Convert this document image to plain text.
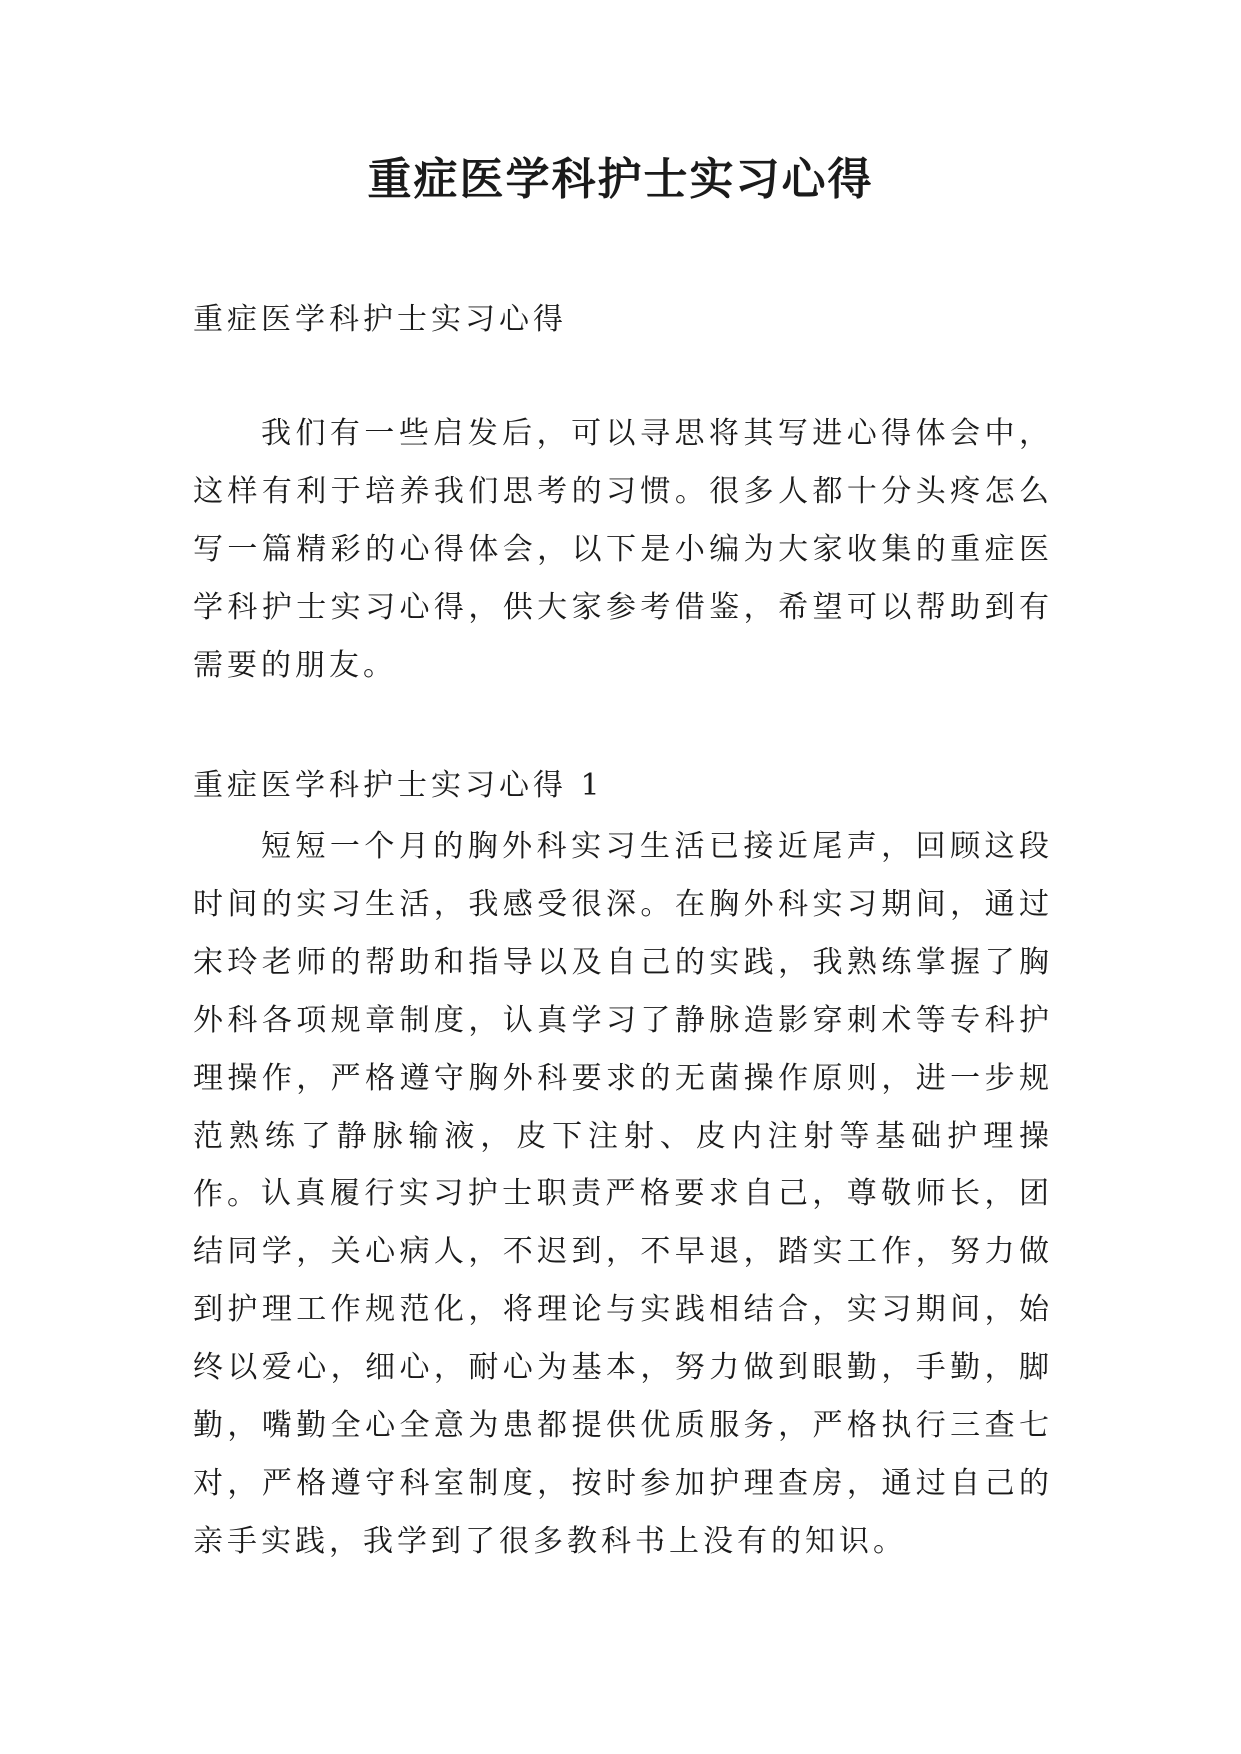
重症医学科护士实习心得

重症医学科护士实习心得

我们有一些启发后，可以寻思将其写进心得体会中，这样有利于培养我们思考的习惯。很多人都十分头疼怎么写一篇精彩的心得体会，以下是小编为大家收集的重症医学科护士实习心得，供大家参考借鉴，希望可以帮助到有需要的朋友。

重症医学科护士实习心得 1

短短一个月的胸外科实习生活已接近尾声，回顾这段时间的实习生活，我感受很深。在胸外科实习期间，通过宋玲老师的帮助和指导以及自己的实践，我熟练掌握了胸外科各项规章制度，认真学习了静脉造影穿刺术等专科护理操作，严格遵守胸外科要求的无菌操作原则，进一步规范熟练了静脉输液，皮下注射、皮内注射等基础护理操作。 认真履行实习护士职责严格要求自己，尊敬师长，团结同学，关心病人，不迟到，不早退，踏实工作，努力做到护理工作规范化，将理论与实践相结合，实习期间，始终以爱心，细心，耐心为基本，努力做到眼勤，手勤，脚勤，嘴勤全心全意为患都提供优质服务，严格执行三查七对，严格遵守科室制度，按时参加护理查房，通过自己的亲手实践，我学到了很多教科书上没有的知识。
